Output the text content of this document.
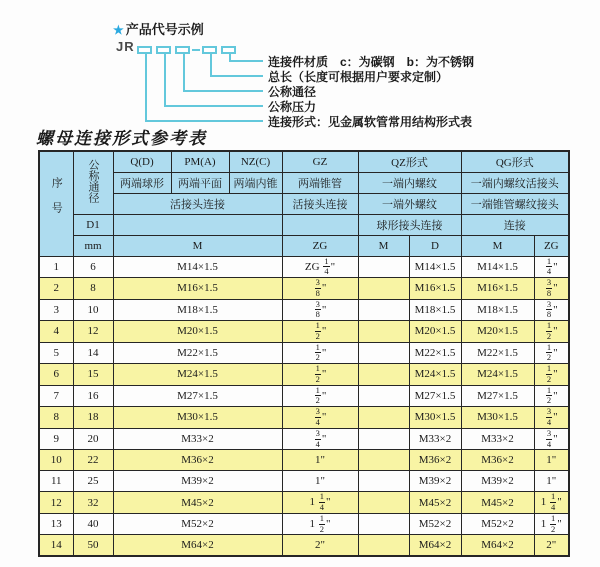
★ 产品代号示例
JR
连接件材质　c：为碳钢　b：为不锈钢
总长（长度可根据用户要求定制）
公称通径
公称压力
连接形式：见金属软管常用结构形式表
螺母连接形式参考表
序号	公称通径	Q(D)	PM(A)	NZ(C)	GZ	QZ形式		QG形式	
		两端球形	两端平面	两端内锥	两端锥管	一端内螺纹		一端内螺纹活接头	
		活接头连接			活接头连接	一端外螺纹		一端锥管螺纹接头	
	D1					球形接头连接		连接	
	mm	M			ZG	M	D	M	ZG
1	6	M14×1.5			ZG $\frac{1}{4}$ "		M14×1.5	M14×1.5	$\frac{1}{4}$ "
2	8	M16×1.5			$\frac{3}{8}$ "		M16×1.5	M16×1.5	$\frac{3}{8}$ "
3	10	M18×1.5			$\frac{3}{8}$ "		M18×1.5	M18×1.5	$\frac{3}{8}$ "
4	12	M20×1.5			$\frac{1}{2}$ "		M20×1.5	M20×1.5	$\frac{1}{2}$ "
5	14	M22×1.5			$\frac{1}{2}$ "		M22×1.5	M22×1.5	$\frac{1}{2}$ "
6	15	M24×1.5			$\frac{1}{2}$ "		M24×1.5	M24×1.5	$\frac{1}{2}$ "
7	16	M27×1.5			$\frac{1}{2}$ "		M27×1.5	M27×1.5	$\frac{1}{2}$ "
8	18	M30×1.5			$\frac{3}{4}$ "		M30×1.5	M30×1.5	$\frac{3}{4}$ "
9	20	M33×2			$\frac{3}{4}$ "		M33×2	M33×2	$\frac{3}{4}$ "
10	22	M36×2			1"		M36×2	M36×2	1"
11	25	M39×2			1"		M39×2	M39×2	1"
12	32	M45×2			$1 \frac{1}{4}$ "		M45×2	M45×2	$1 \frac{1}{4}$ "
13	40	M52×2			$1 \frac{1}{2}$ "		M52×2	M52×2	$1 \frac{1}{2}$ "
14	50	M64×2			2"		M64×2	M64×2	2"
